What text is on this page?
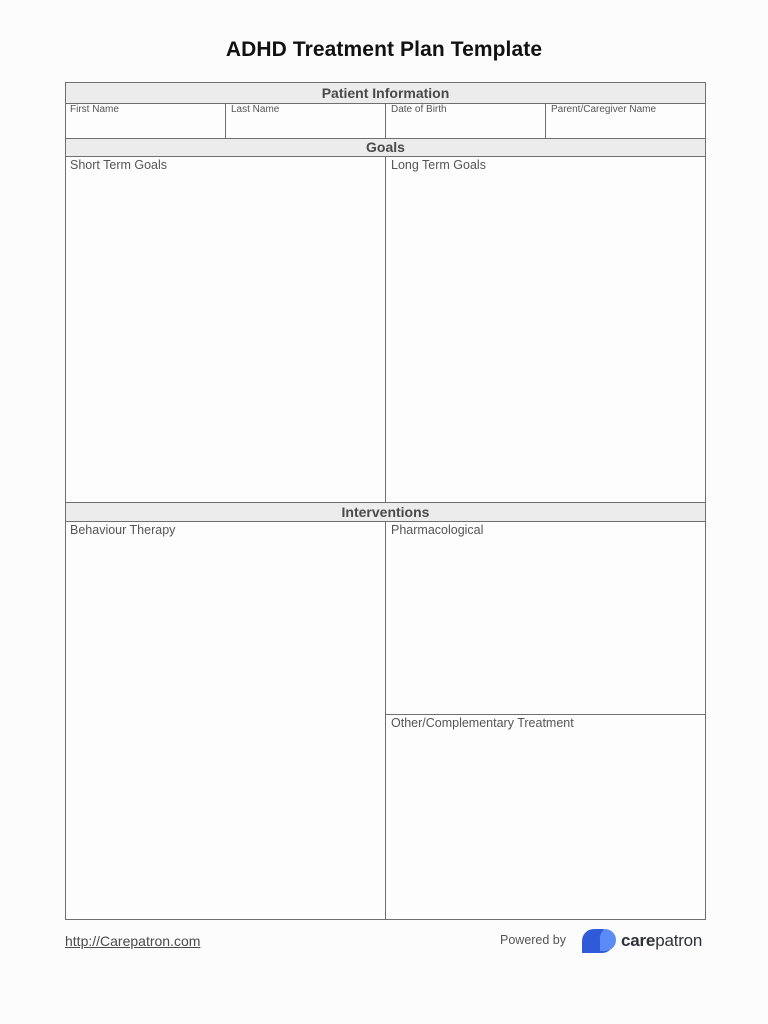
ADHD Treatment Plan Template
Patient Information
First Name	Last Name	Date of Birth	Parent/Caregiver Name
Goals
Short Term Goals	Long Term Goals
Interventions
Behaviour Therapy	Pharmacological
Other/Complementary Treatment
http://Carepatron.com	Powered by	carepatron
